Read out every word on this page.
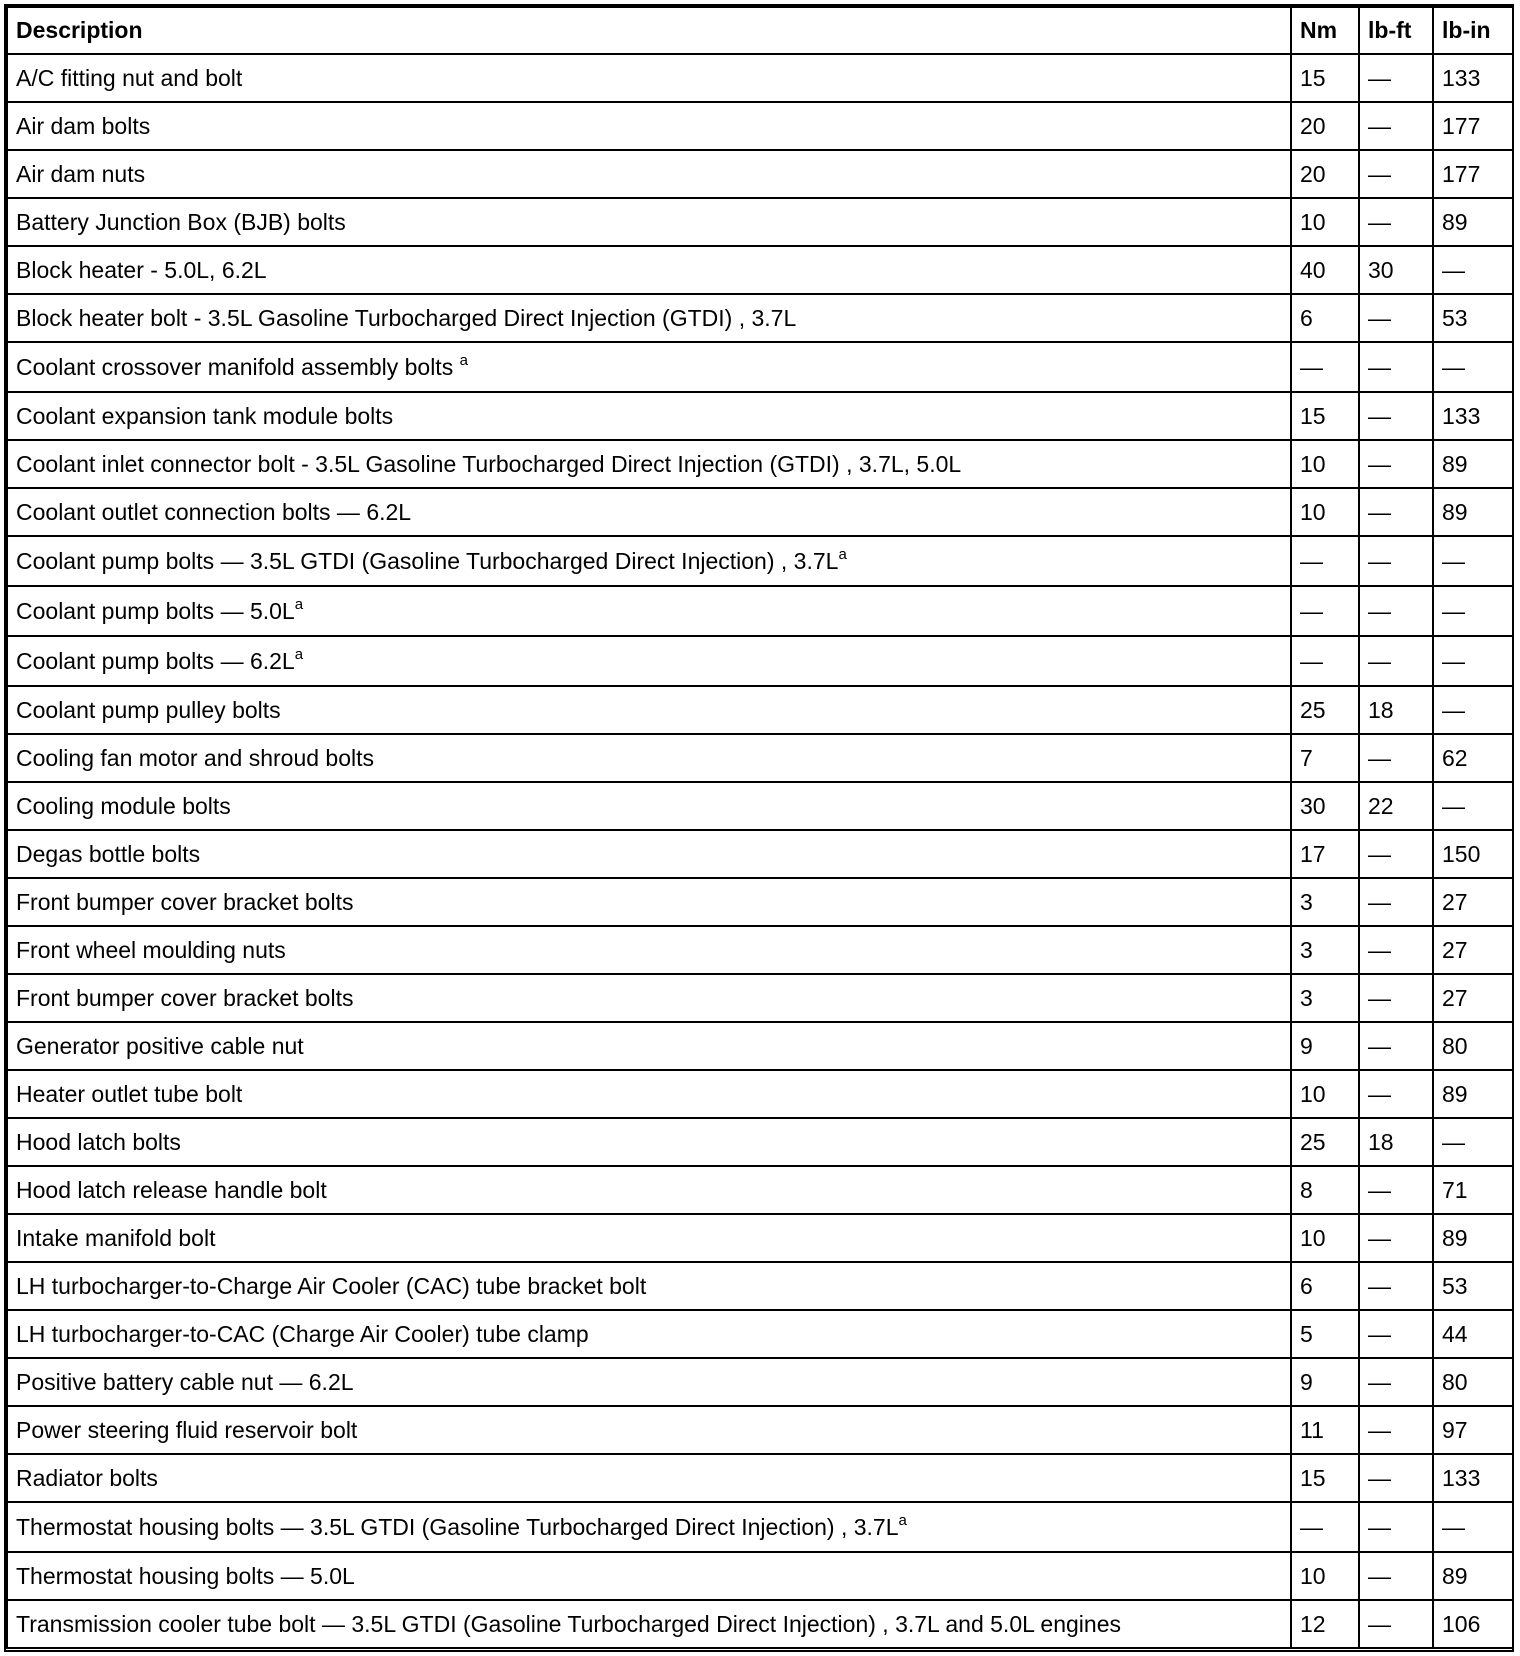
Description	Nm	lb-ft	lb-in
A/C fitting nut and bolt	15	—	133
Air dam bolts	20	—	177
Air dam nuts	20	—	177
Battery Junction Box (BJB) bolts	10	—	89
Block heater - 5.0L, 6.2L	40	30	—
Block heater bolt - 3.5L Gasoline Turbocharged Direct Injection (GTDI) , 3.7L	6	—	53
Coolant crossover manifold assembly bolts $^a$	—	—	—
Coolant expansion tank module bolts	15	—	133
Coolant inlet connector bolt - 3.5L Gasoline Turbocharged Direct Injection (GTDI) , 3.7L, 5.0L	10	—	89
Coolant outlet connection bolts — 6.2L	10	—	89
Coolant pump bolts — 3.5L GTDI (Gasoline Turbocharged Direct Injection) , $3.7L^a$	—	—	—
Coolant pump bolts — $5.0L^a$	—	—	—
Coolant pump bolts — $6.2L^a$	—	—	—
Coolant pump pulley bolts	25	18	—
Cooling fan motor and shroud bolts	7	—	62
Cooling module bolts	30	22	—
Degas bottle bolts	17	—	150
Front bumper cover bracket bolts	3	—	27
Front wheel moulding nuts	3	—	27
Front bumper cover bracket bolts	3	—	27
Generator positive cable nut	9	—	80
Heater outlet tube bolt	10	—	89
Hood latch bolts	25	18	—
Hood latch release handle bolt	8	—	71
Intake manifold bolt	10	—	89
LH turbocharger-to-Charge Air Cooler (CAC) tube bracket bolt	6	—	53
LH turbocharger-to-CAC (Charge Air Cooler) tube clamp	5	—	44
Positive battery cable nut — 6.2L	9	—	80
Power steering fluid reservoir bolt	11	—	97
Radiator bolts	15	—	133
Thermostat housing bolts — 3.5L GTDI (Gasoline Turbocharged Direct Injection) , $3.7L^a$	—	—	—
Thermostat housing bolts — 5.0L	10	—	89
Transmission cooler tube bolt — 3.5L GTDI (Gasoline Turbocharged Direct Injection) , 3.7L and 5.0L engines	12	—	106
